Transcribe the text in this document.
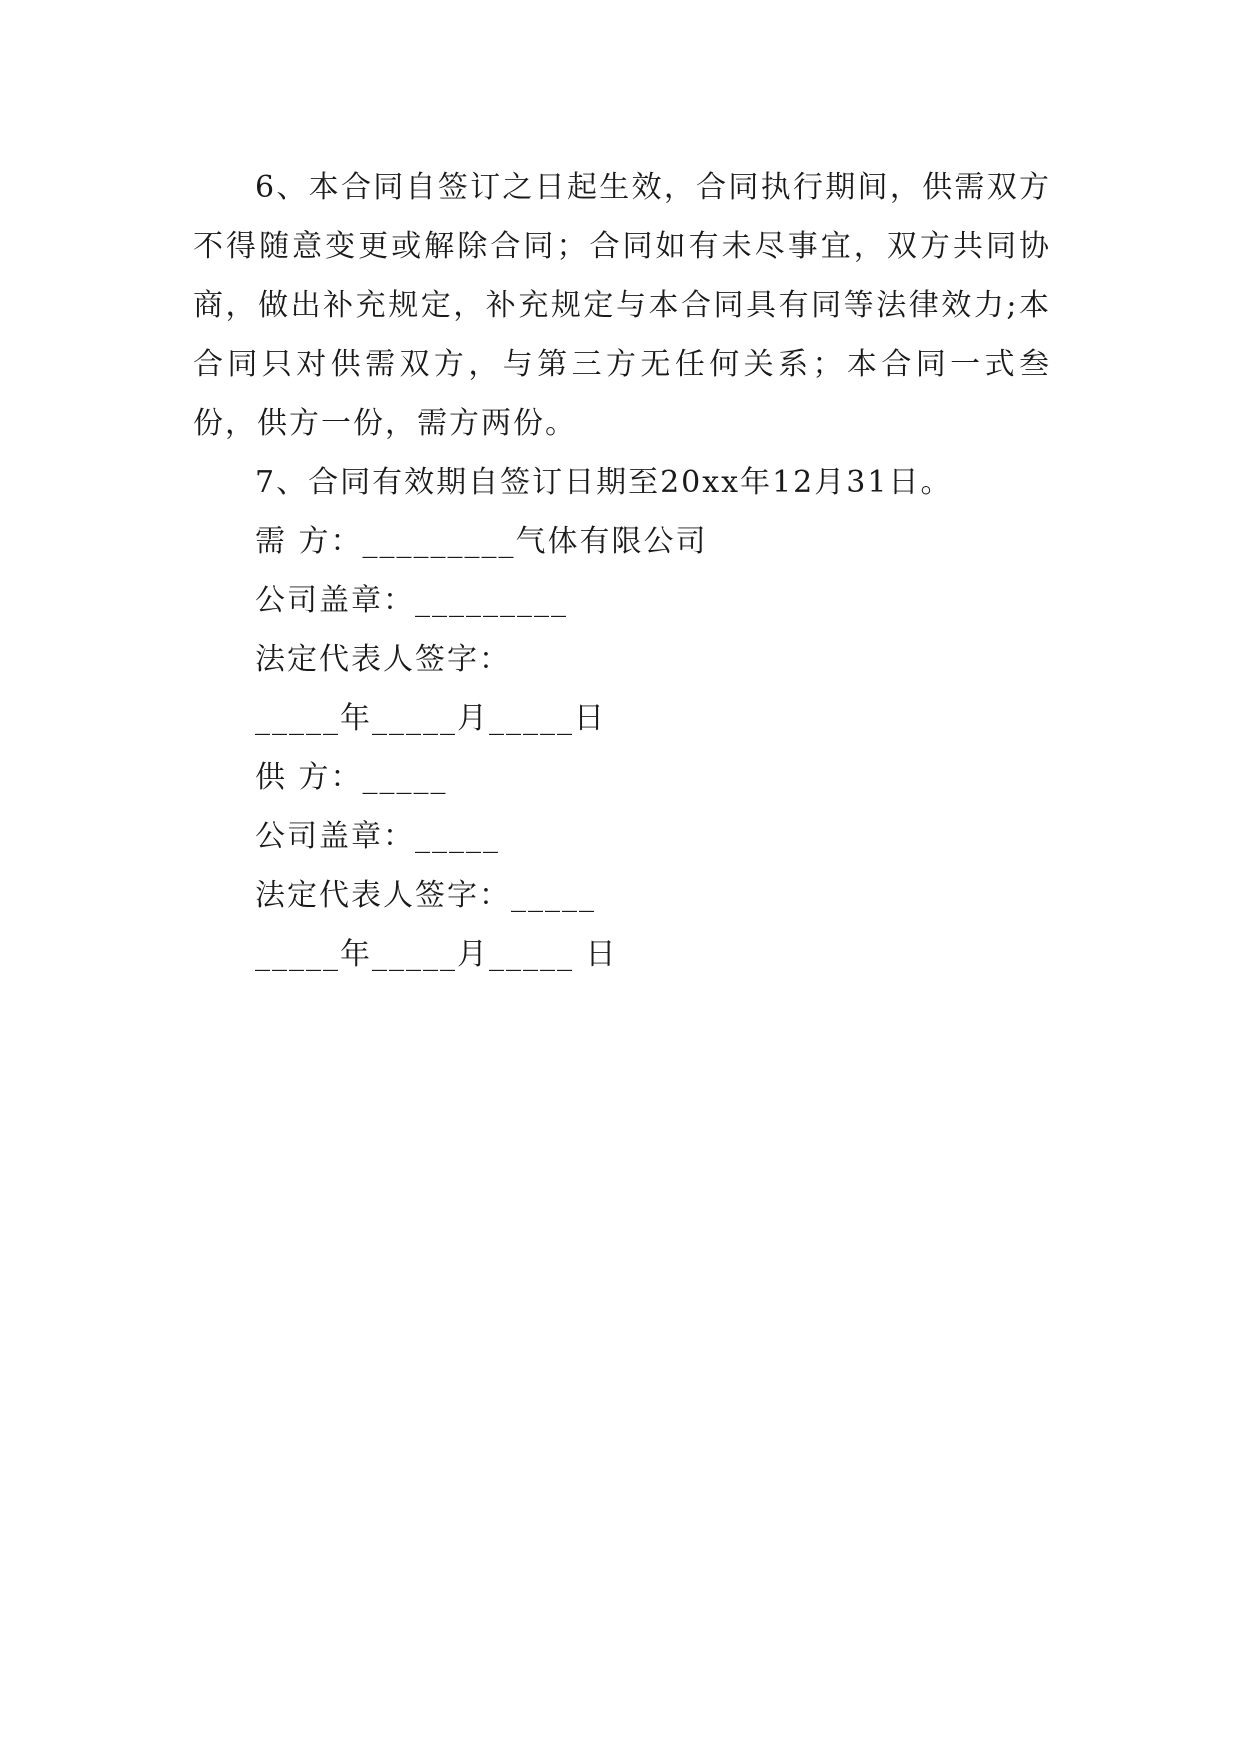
6、本合同自签订之日起生效，合同执行期间，供需双方不得随意变更或解除合同；合同如有未尽事宜，双方共同协商，做出补充规定，补充规定与本合同具有同等法律效力;本合同只对供需双方，与第三方无任何关系；本合同一式叁份，供方一份，需方两份。

7、合同有效期自签订日期至20xx年12月31日。

需 方：_________气体有限公司

公司盖章：_________

法定代表人签字：

_____年_____月_____日

供 方：_____

公司盖章：_____

法定代表人签字：_____

_____年_____月_____ 日
